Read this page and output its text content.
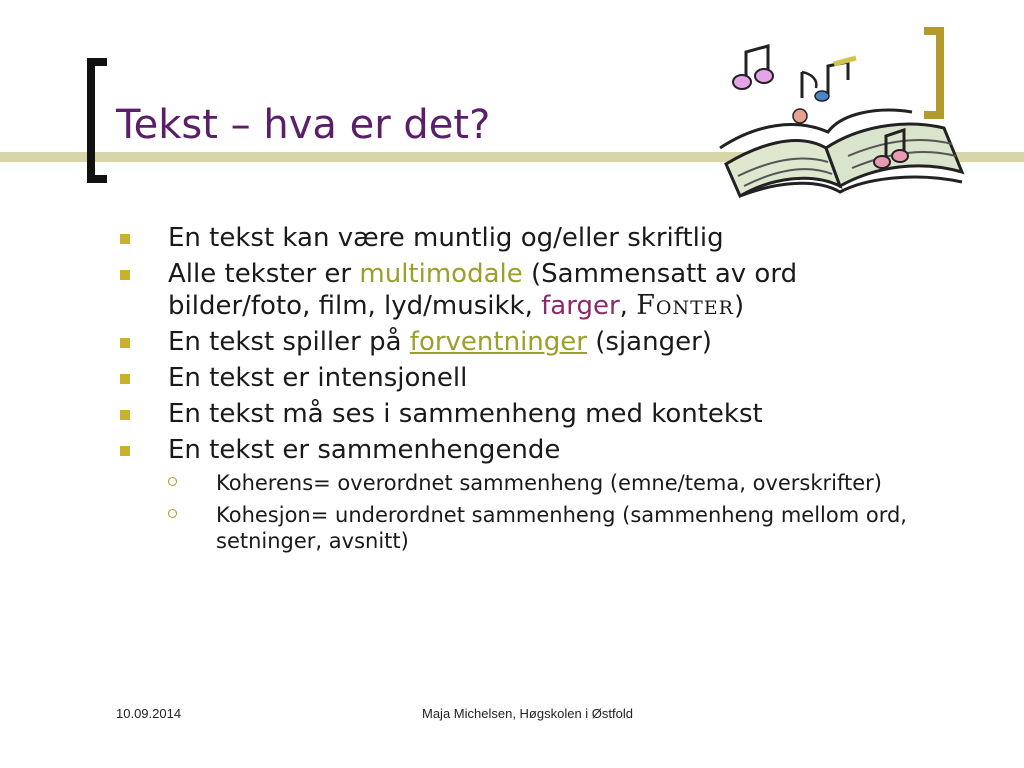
Tekst – hva er det?
En tekst kan være muntlig og/eller skriftlig
Alle tekster er multimodale (Sammensatt av ord bilder/foto, film, lyd/musikk, farger, Fonter)
En tekst spiller på forventninger (sjanger)
En tekst er intensjonell
En tekst må ses i sammenheng med kontekst
En tekst er sammenhengende
Koherens= overordnet sammenheng (emne/tema, overskrifter)
Kohesjon= underordnet sammenheng (sammenheng mellom ord, setninger, avsnitt)
10.09.2014	Maja Michelsen, Høgskolen i Østfold
